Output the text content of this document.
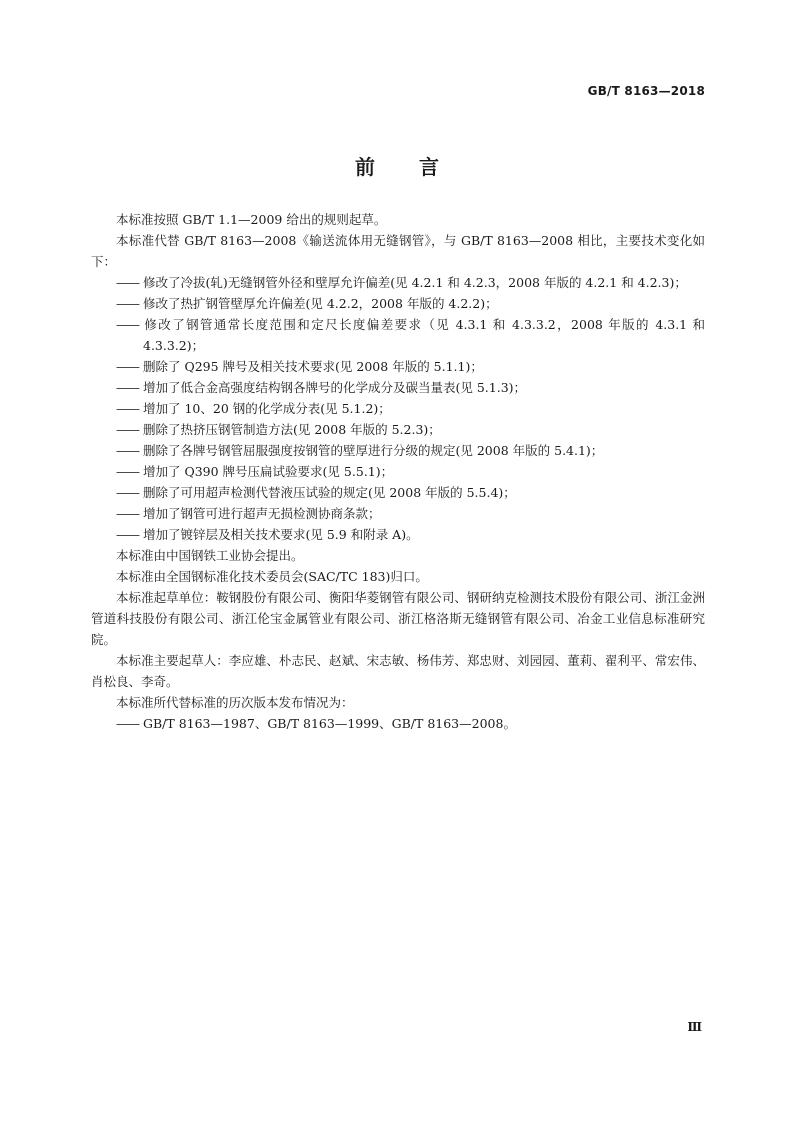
GB/T 8163—2018
前 言

本标准按照 GB/T 1.1—2009 给出的规则起草。

本标准代替 GB/T 8163—2008《输送流体用无缝钢管》，与 GB/T 8163—2008 相比，主要技术变化如下：

—— 修改了冷拔(轧)无缝钢管外径和壁厚允许偏差(见 4.2.1 和 4.2.3，2008 年版的 4.2.1 和 4.2.3)；

—— 修改了热扩钢管壁厚允许偏差(见 4.2.2，2008 年版的 4.2.2)；

—— 修改了钢管通常长度范围和定尺长度偏差要求（见 4.3.1 和 4.3.3.2，2008 年版的 4.3.1 和 4.3.3.2)；

—— 删除了 Q295 牌号及相关技术要求(见 2008 年版的 5.1.1)；

—— 增加了低合金高强度结构钢各牌号的化学成分及碳当量表(见 5.1.3)；

—— 增加了 10、20 钢的化学成分表(见 5.1.2)；

—— 删除了热挤压钢管制造方法(见 2008 年版的 5.2.3)；

—— 删除了各牌号钢管屈服强度按钢管的壁厚进行分级的规定(见 2008 年版的 5.4.1)；

—— 增加了 Q390 牌号压扁试验要求(见 5.5.1)；

—— 删除了可用超声检测代替液压试验的规定(见 2008 年版的 5.5.4)；

—— 增加了钢管可进行超声无损检测协商条款；

—— 增加了镀锌层及相关技术要求(见 5.9 和附录 A)。

本标准由中国钢铁工业协会提出。

本标准由全国钢标准化技术委员会(SAC/TC 183)归口。

本标准起草单位：鞍钢股份有限公司、衡阳华菱钢管有限公司、钢研纳克检测技术股份有限公司、浙江金洲管道科技股份有限公司、浙江伦宝金属管业有限公司、浙江格洛斯无缝钢管有限公司、冶金工业信息标准研究院。

本标准主要起草人：李应雄、朴志民、赵斌、宋志敏、杨伟芳、郑忠财、刘园园、董莉、翟利平、常宏伟、肖松良、李奇。

本标准所代替标准的历次版本发布情况为：

—— GB/T 8163—1987、GB/T 8163—1999、GB/T 8163—2008。

Ⅲ
